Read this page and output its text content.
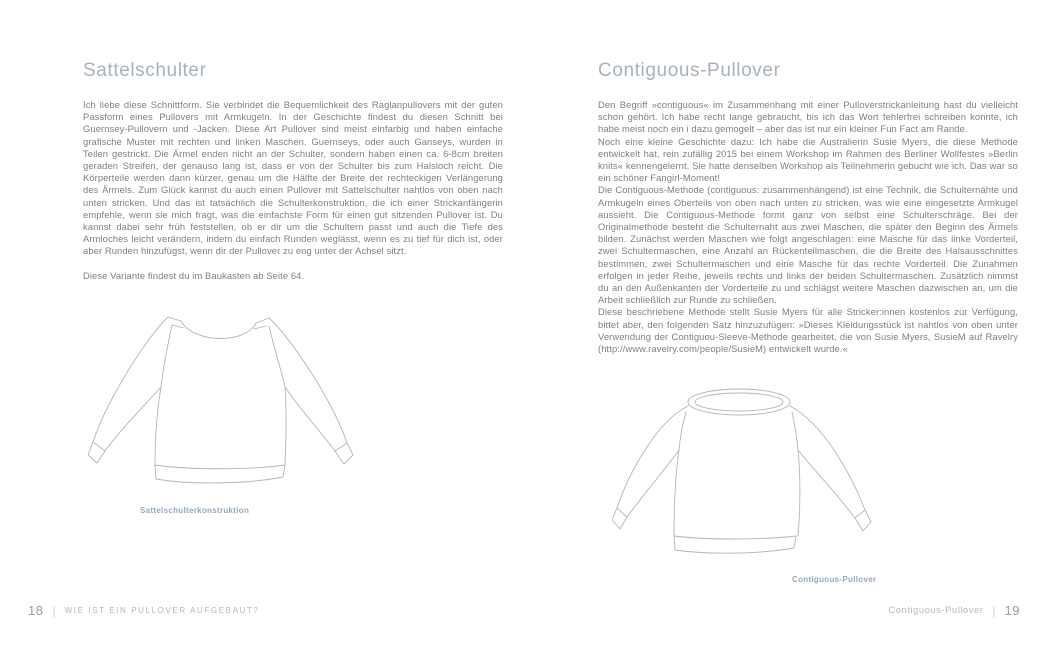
Sattelschulter

Ich liebe diese Schnittform. Sie verbindet die Bequemlichkeit des Raglanpullovers mit der guten Passform eines Pullovers mit Armkugeln. In der Geschichte findest du diesen Schnitt bei Guernsey-Pullovern und -Jacken. Diese Art Pullover sind meist einfarbig und haben einfache grafische Muster mit rechten und linken Maschen. Guernseys, oder auch Ganseys, wurden in Teilen gestrickt. Die Ärmel enden nicht an der Schulter, sondern haben einen ca. 6-8cm breiten geraden Streifen, der genauso lang ist, dass er von der Schulter bis zum Halsloch reicht. Die Körperteile werden dann kürzer, genau um die Hälfte der Breite der rechteckigen Verlängerung des Ärmels. Zum Glück kannst du auch einen Pullover mit Sattelschulter nahtlos von oben nach unten stricken. Und das ist tatsächlich die Schulterkonstruktion, die ich einer Strickanfängerin empfehle, wenn sie mich fragt, was die einfachste Form für einen gut sitzenden Pullover ist. Du kannst dabei sehr früh feststellen, ob er dir um die Schultern passt und auch die Tiefe des Armloches leicht verändern, indem du einfach Runden weglässt, wenn es zu tief für dich ist, oder aber Runden hinzufügst, wenn dir der Pullover zu eng unter der Achsel sitzt.

Diese Variante findest du im Baukasten ab Seite 64.

Sattelschulterkonstruktion
Contiguous-Pullover

Den Begriff »contiguous« im Zusammenhang mit einer Pulloverstrickanleitung hast du vielleicht schon gehört. Ich habe recht lange gebraucht, bis ich das Wort fehlerfrei schreiben konnte, ich habe meist noch ein i dazu gemogelt – aber das ist nur ein kleiner Fun Fact am Rande.

Noch eine kleine Geschichte dazu: Ich habe die Australierin Susie Myers, die diese Methode entwickelt hat, rein zufällig 2015 bei einem Workshop im Rahmen des Berliner Wollfestes »Berlin knits« kennengelernt. Sie hatte denselben Workshop als Teilnehmerin gebucht wie ich. Das war so ein schöner Fangirl-Moment!

Die Contiguous-Methode (contiguous: zusammenhängend) ist eine Technik, die Schulternähte und Armkugeln eines Oberteils von oben nach unten zu stricken, was wie eine eingesetzte Armkugel aussieht. Die Contiguous-Methode formt ganz von selbst eine Schulterschräge. Bei der Originalmethode besteht die Schulternaht aus zwei Maschen, die später den Beginn des Ärmels bilden. Zunächst werden Maschen wie folgt angeschlagen: eine Masche für das linke Vorderteil, zwei Schultermaschen, eine Anzahl an Rückenteilmaschen, die die Breite des Halsausschnittes bestimmen, zwei Schultermaschen und eine Masche für das rechte Vorderteil. Die Zunahmen erfolgen in jeder Reihe, jeweils rechts und links der beiden Schultermaschen. Zusätzlich nimmst du an den Außenkanten der Vorderteile zu und schlägst weitere Maschen dazwischen an, um die Arbeit schließlich zur Runde zu schließen.

Diese beschriebene Methode stellt Susie Myers für alle Stricker:innen kostenlos zur Verfügung, bittet aber, den folgenden Satz hinzuzufügen: »Dieses Kleidungsstück ist nahtlos von oben unter Verwendung der Contiguou-Sleeve-Methode gearbeitet, die von Susie Myers, SusieM auf Ravelry (http://www.ravelry.com/people/SusieM) entwickelt wurde.«

Contiguous-Pullover
18 | WIE IST EIN PULLOVER AUFGEBAUT?	Contiguous-Pullover | 19
